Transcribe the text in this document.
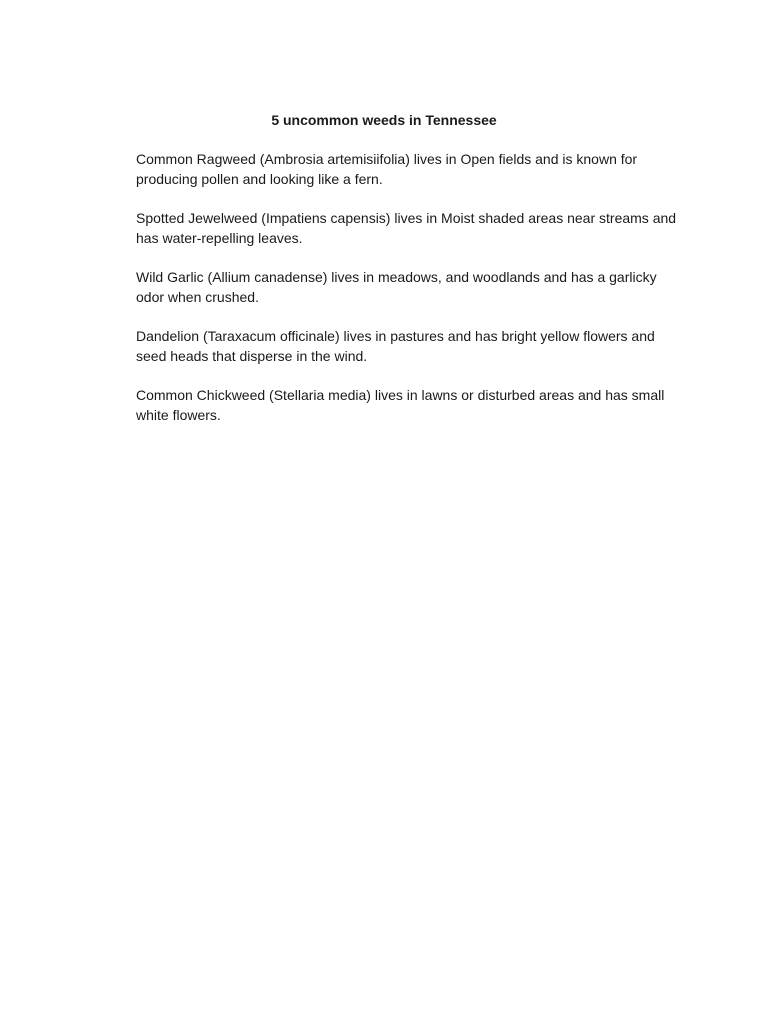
5 uncommon weeds in Tennessee

Common Ragweed (Ambrosia artemisiifolia) lives in Open fields and is known for producing pollen and looking like a fern.

Spotted Jewelweed (Impatiens capensis) lives in Moist shaded areas near streams and has water-repelling leaves.

Wild Garlic (Allium canadense) lives in meadows, and woodlands and has a garlicky odor when crushed.

Dandelion (Taraxacum officinale) lives in pastures and has bright yellow flowers and seed heads that disperse in the wind.

Common Chickweed (Stellaria media) lives in lawns or disturbed areas and has small white flowers.
